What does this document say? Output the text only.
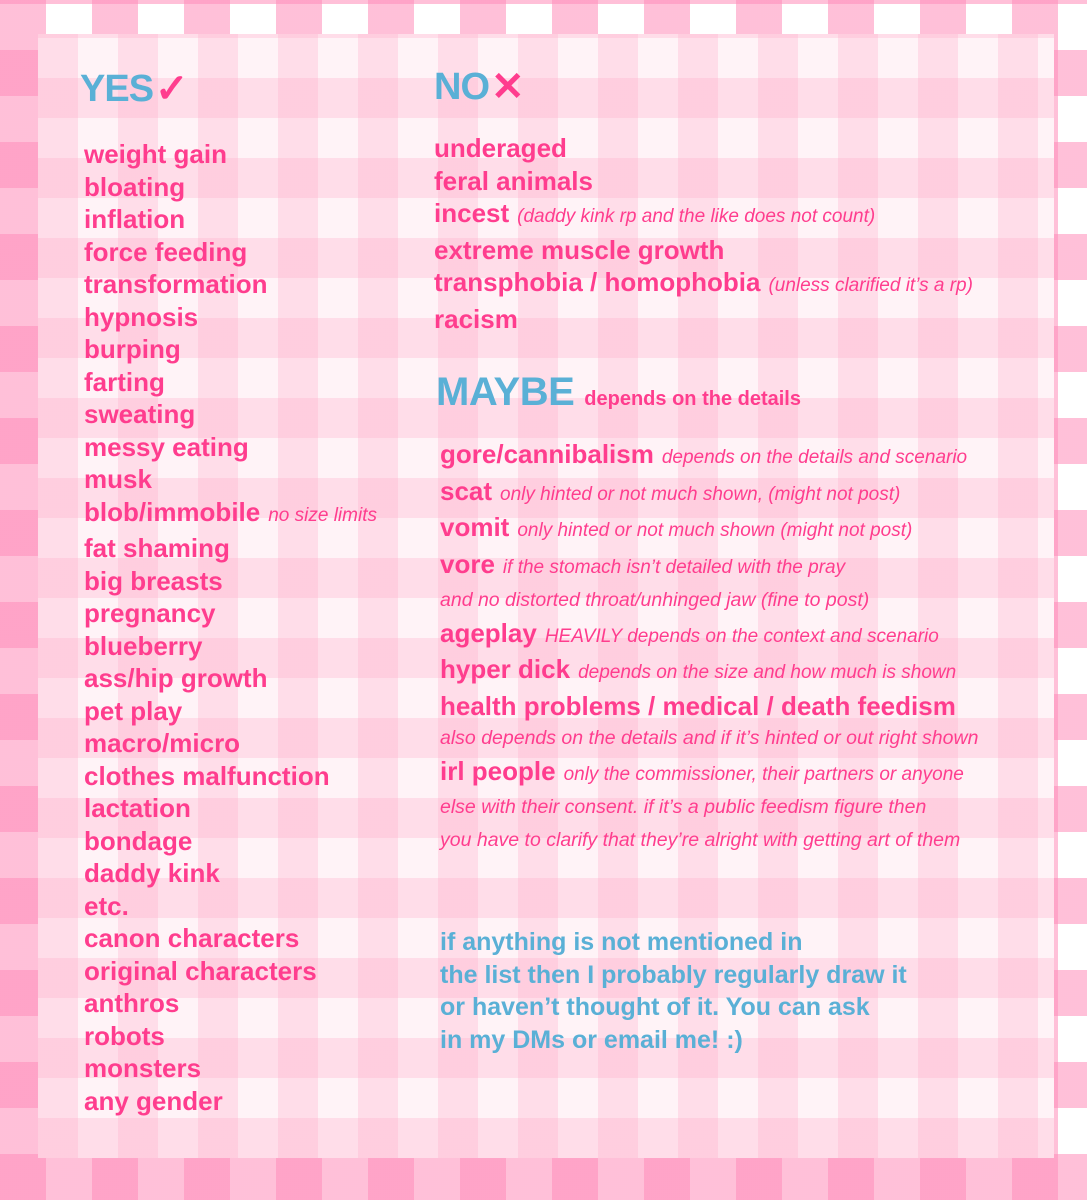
YES ✓
weight gain
bloating
inflation
force feeding
transformation
hypnosis
burping
farting
sweating
messy eating
musk
blob/immobile no size limits
fat shaming
big breasts
pregnancy
blueberry
ass/hip growth
pet play
macro/micro
clothes malfunction
lactation
bondage
daddy kink
etc.
canon characters
original characters
anthros
robots
monsters
any gender
NO ✕
underaged
feral animals
incest (daddy kink rp and the like does not count)
extreme muscle growth
transphobia / homophobia (unless clarified it’s a rp)
racism
MAYBE depends on the details
gore/cannibalism depends on the details and scenario
scat only hinted or not much shown, (might not post)
vomit only hinted or not much shown (might not post)
vore if the stomach isn’t detailed with the pray
and no distorted throat/unhinged jaw (fine to post)
ageplay HEAVILY depends on the context and scenario
hyper dick depends on the size and how much is shown
health problems / medical / death feedism
also depends on the details and if it’s hinted or out right shown
irl people only the commissioner, their partners or anyone
else with their consent. if it’s a public feedism figure then
you have to clarify that they’re alright with getting art of them
if anything is not mentioned in
the list then I probably regularly draw it
or haven’t thought of it. You can ask
in my DMs or email me! :)
